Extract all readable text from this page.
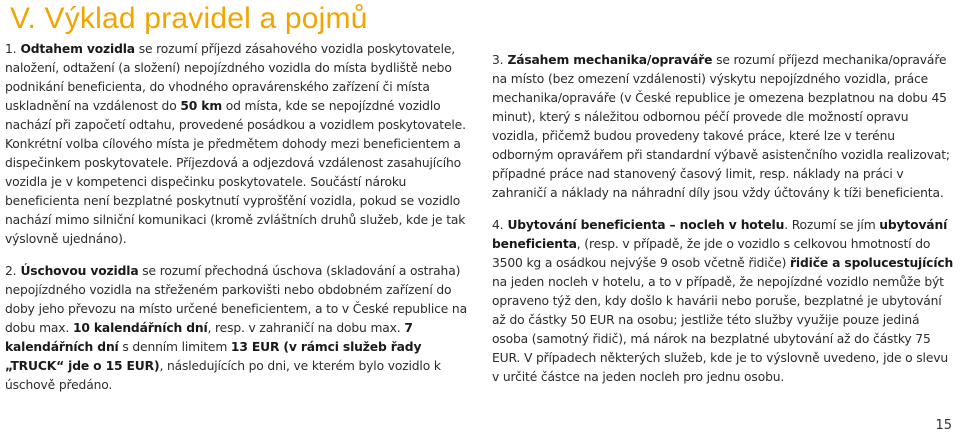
V. Výklad pravidel a pojmů

1. Odtahem vozidla se rozumí příjezd zásahového vozidla poskytovatele, naložení, odtažení (a složení) nepojízdného vozidla do místa bydliště nebo podnikání beneficienta, do vhodného opravárenského zařízení či místa uskladnění na vzdálenost do 50 km od místa, kde se nepojízdné vozidlo nachází při započetí odtahu, provedené posádkou a vozidlem poskytovatele. Konkrétní volba cílového místa je předmětem dohody mezi beneficientem a dispečinkem poskytovatele. Příjezdová a odjezdová vzdálenost zasahujícího vozidla je v kompetenci dispečinku poskytovatele. Součástí nároku beneficienta není bezplatné poskytnutí vyprošťění vozidla, pokud se vozidlo nachází mimo silniční komunikaci (kromě zvláštních druhů služeb, kde je tak výslovně ujednáno).

2. Úschovou vozidla se rozumí přechodná úschova (skladování a ostraha) nepojízdného vozidla na střeženém parkovišti nebo obdobném zařízení do doby jeho převozu na místo určené beneficientem, a to v České republice na dobu max. 10 kalendářních dní, resp. v zahraničí na dobu max. 7 kalendářních dní s denním limitem 13 EUR (v rámci služeb řady „TRUCK“ jde o 15 EUR), následujících po dni, ve kterém bylo vozidlo k úschově předáno.

3. Zásahem mechanika/opraváře se rozumí příjezd mechanika/opraváře na místo (bez omezení vzdálenosti) výskytu nepojízdného vozidla, práce mechanika/opraváře (v České republice je omezena bezplatnou na dobu 45 minut), který s náležitou odbornou péčí provede dle možností opravu vozidla, přičemž budou provedeny takové práce, které lze v terénu odborným opravářem při standardní výbavě asistenčního vozidla realizovat; případné práce nad stanovený časový limit, resp. náklady na práci v zahraničí a náklady na náhradní díly jsou vždy účtovány k tíži beneficienta.

4. Ubytování beneficienta – nocleh v hotelu. Rozumí se jím ubytování beneficienta, (resp. v případě, že jde o vozidlo s celkovou hmotností do 3500 kg a osádkou nejvýše 9 osob včetně řidiče) řidiče a spolucestujících na jeden nocleh v hotelu, a to v případě, že nepojízdné vozidlo nemůže být opraveno týž den, kdy došlo k havárii nebo poruše, bezplatné je ubytování až do částky 50 EUR na osobu; jestliže této služby využije pouze jediná osoba (samotný řidič), má nárok na bezplatné ubytování až do částky 75 EUR. V případech některých služeb, kde je to výslovně uvedeno, jde o slevu v určité částce na jeden nocleh pro jednu osobu.

15
